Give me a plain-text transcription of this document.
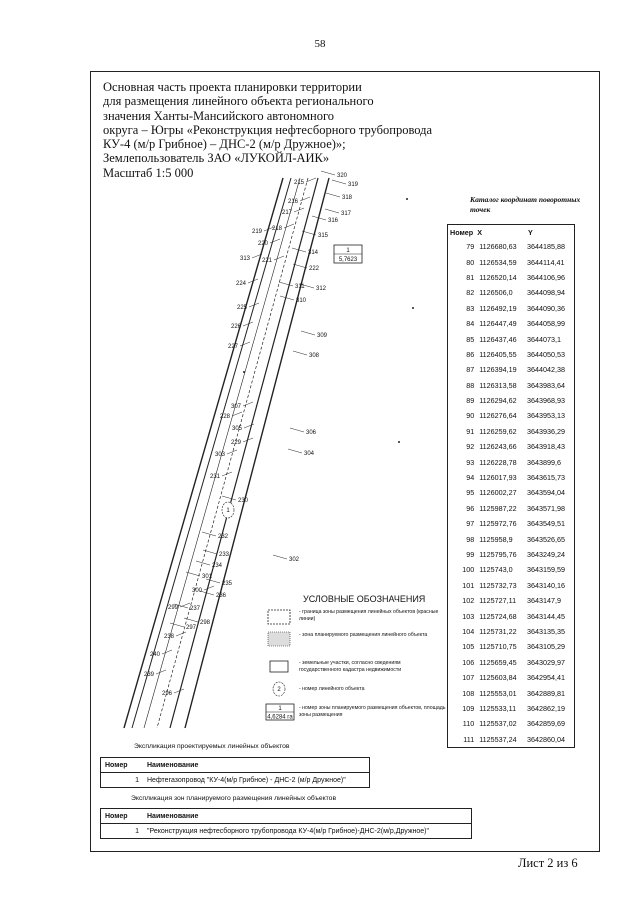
58
Основная часть проекта планировки территории
для размещения линейного объекта регионального
значения Ханты-Мансийского автономного
округа – Югры «Реконструкция нефтесборного трубопровода
КУ-4 (м/р Грибное) – ДНС-2 (м/р Дружное)»;
Землепользователь ЗАО «ЛУКОЙЛ-АИК»
Масштаб 1:5 000	320
319
215
318
216
317
316
217
219 218
315
220
314
313
222
221
311 312
224
310
225
226
309
227
308
228
307
305
306
229
303	304
231
230
232
233
302
234
301
235
300
236
299 237
298
297
238
240
239
296
1
5,7623
1
2
1
4,6284 га
Каталог координат поворотных точек
Номер	X	Y
79	1126680,63	3644185,88
80	1126534,59	3644114,41
81	1126520,14	3644106,96
82	1126506,0	3644098,94
83	1126492,19	3644090,36
84	1126447,49	3644058,99
85	1126437,46	3644073,1
86	1126405,55	3644050,53
87	1126394,19	3644042,38
88	1126313,58	3643983,64
89	1126294,62	3643968,93
90	1126276,64	3643953,13
91	1126259,62	3643936,29
92	1126243,66	3643918,43
93	1126228,78	3643899,6
94	1126017,93	3643615,73
95	1126002,27	3643594,04
96	1125987,22	3643571,98
97	1125972,76	3643549,51
98	1125958,9	3643526,65
99	1125795,76	3643249,24
100	1125743,0	3643159,59
101	1125732,73	3643140,16
102	1125727,11	3643147,9
103	1125724,68	3643144,45
104	1125731,22	3643135,35
105	1125710,75	3643105,29
106	1125659,45	3643029,97
107	1125603,84	3642954,41
108	1125553,01	3642889,81
109	1125533,11	3642862,19
110	1125537,02	3642859,69
111	1125537,24	3642860,04
УСЛОВНЫЕ ОБОЗНАЧЕНИЯ
- граница зоны размещения линейных объектов (красные линии)
- зона планируемого размещения линейного объекта
- земельные участки, согласно сведениям государственного кадастра недвижимости
- номер линейного объекта
- номер зоны планируемого размещения объектов, площадь зоны размещения
Экспликация проектируемых линейных объектов
Номер	Наименование
1	Нефтегазопровод "КУ-4(м/р Грибное) - ДНС-2 (м/р Дружное)"
Экспликация зон планируемого размещения линейных объектов
Номер	Наименование
1	"Реконструкция нефтесборного трубопровода КУ-4(м/р Грибное)-ДНС-2(м/р,Дружное)"
Лист 2 из 6
